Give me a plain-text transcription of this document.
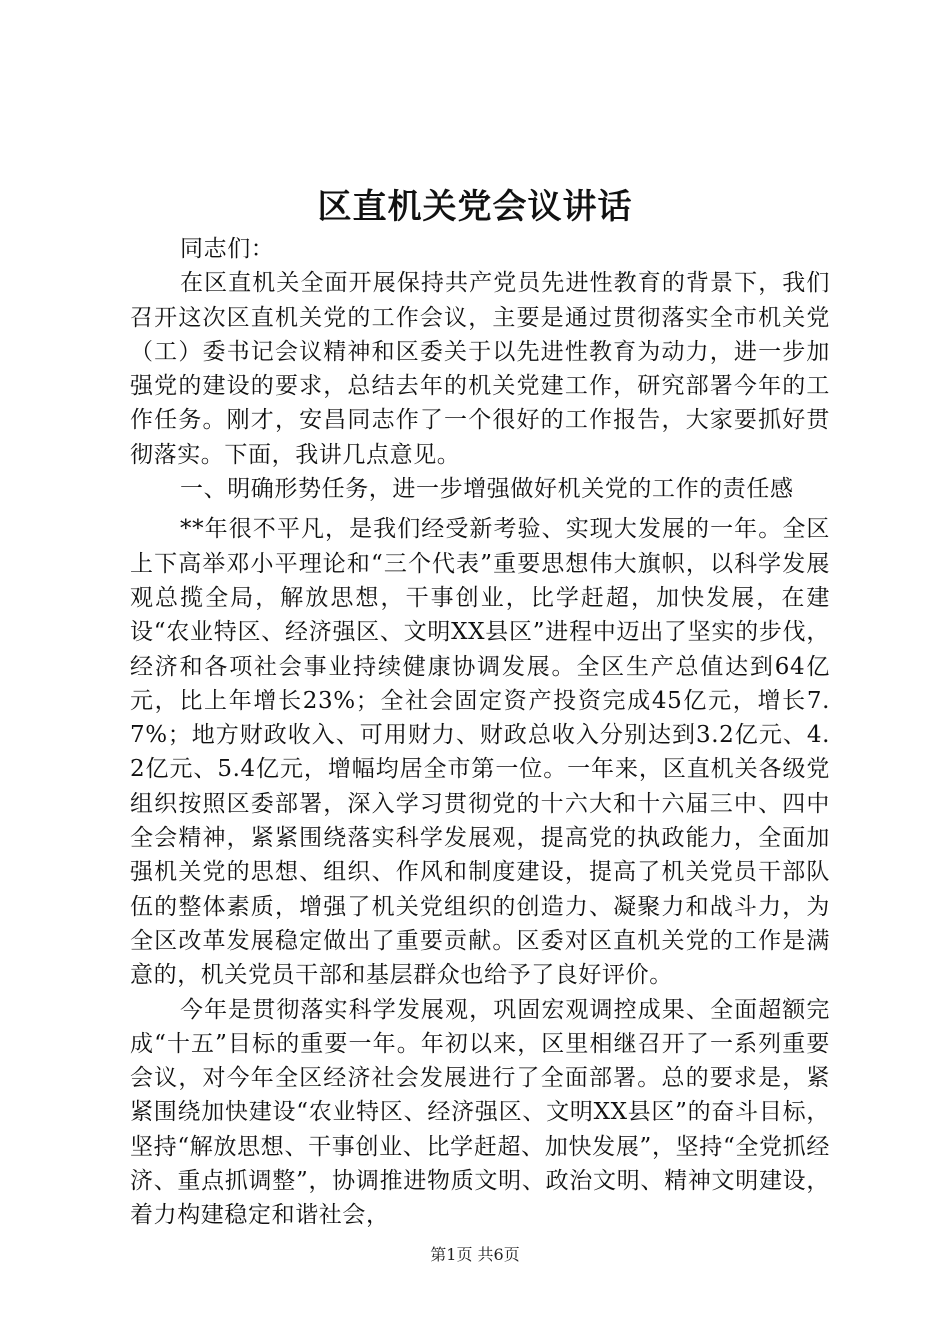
区直机关党会议讲话

同志们：

在区直机关全面开展保持共产党员先进性教育的背景下，我们召开这次区直机关党的工作会议，主要是通过贯彻落实全市机关党（工）委书记会议精神和区委关于以先进性教育为动力，进一步加强党的建设的要求，总结去年的机关党建工作，研究部署今年的工作任务。刚才，安昌同志作了一个很好的工作报告，大家要抓好贯彻落实。下面，我讲几点意见。

一、明确形势任务，进一步增强做好机关党的工作的责任感

**年很不平凡，是我们经受新考验、实现大发展的一年。全区上下高举邓小平理论和“三个代表”重要思想伟大旗帜，以科学发展观总揽全局，解放思想，干事创业，比学赶超，加快发展，在建设“农业特区、经济强区、文明XX县区”进程中迈出了坚实的步伐，经济和各项社会事业持续健康协调发展。全区生产总值达到64亿元，比上年增长23%；全社会固定资产投资完成45亿元，增长7.7%；地方财政收入、可用财力、财政总收入分别达到3.2亿元、4.2亿元、5.4亿元，增幅均居全市第一位。一年来，区直机关各级党组织按照区委部署，深入学习贯彻党的十六大和十六届三中、四中全会精神，紧紧围绕落实科学发展观，提高党的执政能力，全面加强机关党的思想、组织、作风和制度建设，提高了机关党员干部队伍的整体素质，增强了机关党组织的创造力、凝聚力和战斗力，为全区改革发展稳定做出了重要贡献。区委对区直机关党的工作是满意的，机关党员干部和基层群众也给予了良好评价。

今年是贯彻落实科学发展观，巩固宏观调控成果、全面超额完成“十五”目标的重要一年。年初以来，区里相继召开了一系列重要会议，对今年全区经济社会发展进行了全面部署。总的要求是，紧紧围绕加快建设“农业特区、经济强区、文明XX县区”的奋斗目标，坚持“解放思想、干事创业、比学赶超、加快发展”，坚持“全党抓经济、重点抓调整”，协调推进物质文明、政治文明、精神文明建设，着力构建稳定和谐社会，

第1页 共6页
